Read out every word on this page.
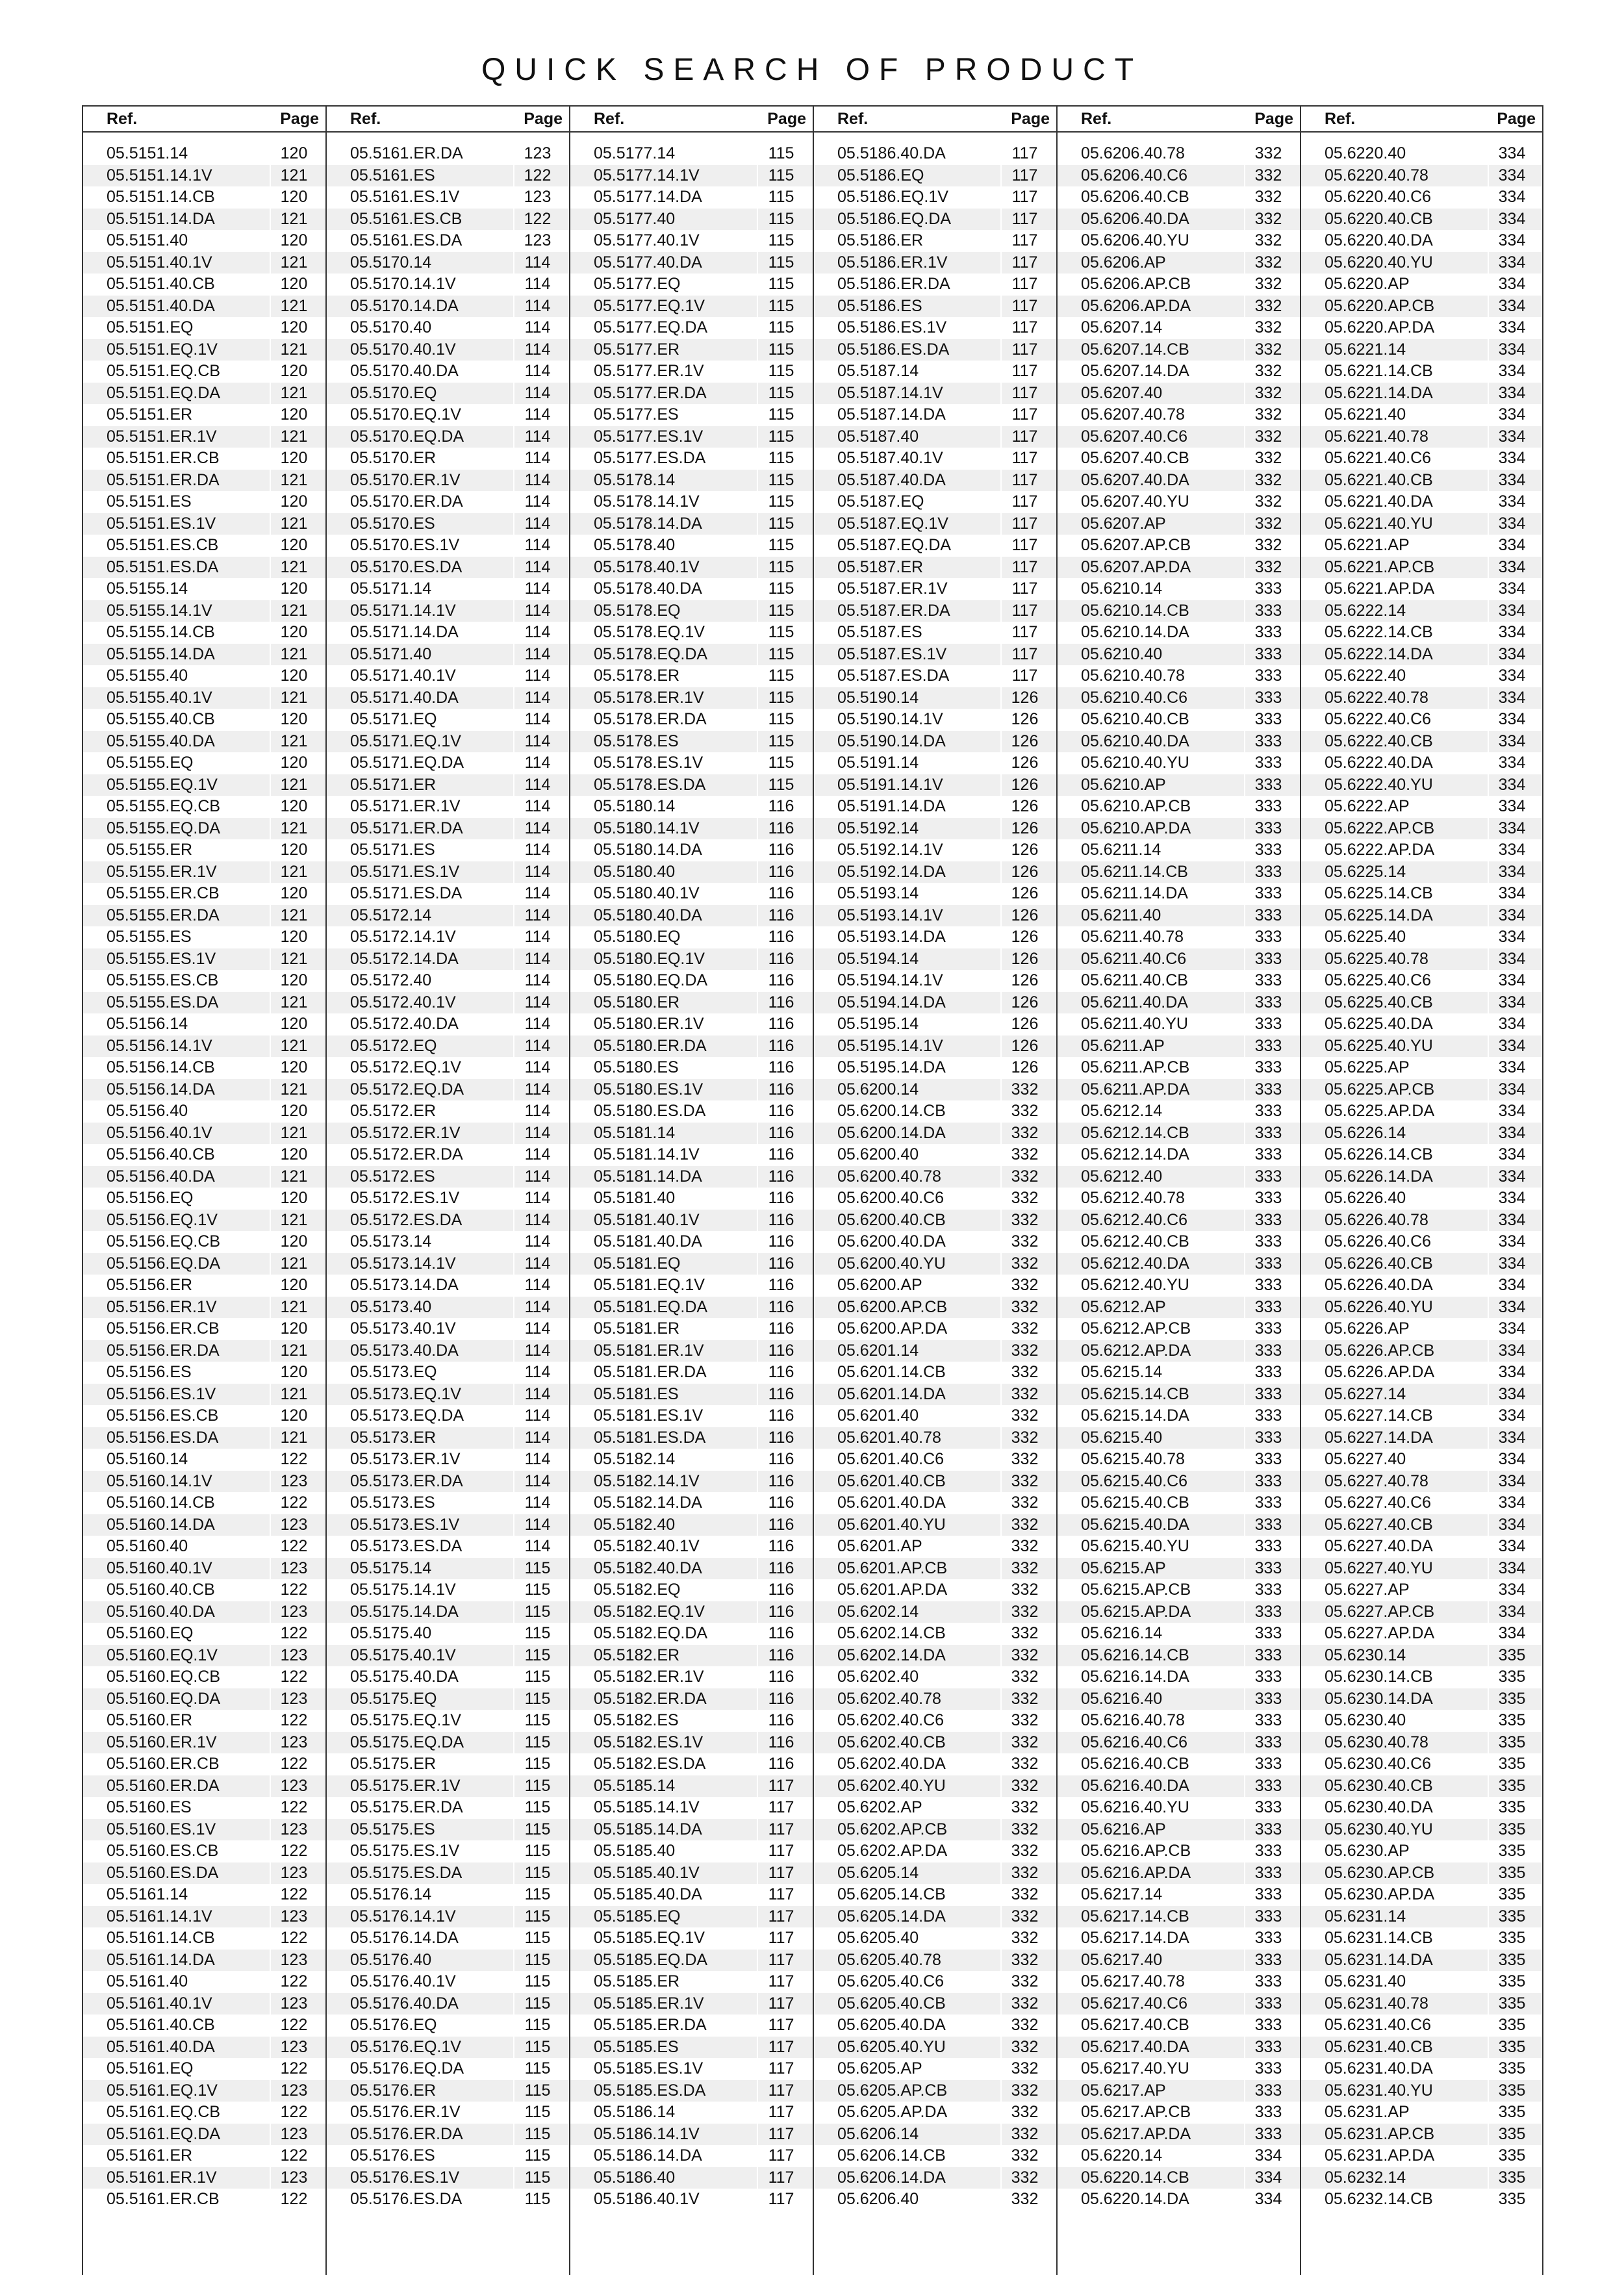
QUICK SEARCH OF PRODUCT
Ref.	Page
05.5151.14	120
05.5151.14.1V	121
05.5151.14.CB	120
05.5151.14.DA	121
05.5151.40	120
05.5151.40.1V	121
05.5151.40.CB	120
05.5151.40.DA	121
05.5151.EQ	120
05.5151.EQ.1V	121
05.5151.EQ.CB	120
05.5151.EQ.DA	121
05.5151.ER	120
05.5151.ER.1V	121
05.5151.ER.CB	120
05.5151.ER.DA	121
05.5151.ES	120
05.5151.ES.1V	121
05.5151.ES.CB	120
05.5151.ES.DA	121
05.5155.14	120
05.5155.14.1V	121
05.5155.14.CB	120
05.5155.14.DA	121
05.5155.40	120
05.5155.40.1V	121
05.5155.40.CB	120
05.5155.40.DA	121
05.5155.EQ	120
05.5155.EQ.1V	121
05.5155.EQ.CB	120
05.5155.EQ.DA	121
05.5155.ER	120
05.5155.ER.1V	121
05.5155.ER.CB	120
05.5155.ER.DA	121
05.5155.ES	120
05.5155.ES.1V	121
05.5155.ES.CB	120
05.5155.ES.DA	121
05.5156.14	120
05.5156.14.1V	121
05.5156.14.CB	120
05.5156.14.DA	121
05.5156.40	120
05.5156.40.1V	121
05.5156.40.CB	120
05.5156.40.DA	121
05.5156.EQ	120
05.5156.EQ.1V	121
05.5156.EQ.CB	120
05.5156.EQ.DA	121
05.5156.ER	120
05.5156.ER.1V	121
05.5156.ER.CB	120
05.5156.ER.DA	121
05.5156.ES	120
05.5156.ES.1V	121
05.5156.ES.CB	120
05.5156.ES.DA	121
05.5160.14	122
05.5160.14.1V	123
05.5160.14.CB	122
05.5160.14.DA	123
05.5160.40	122
05.5160.40.1V	123
05.5160.40.CB	122
05.5160.40.DA	123
05.5160.EQ	122
05.5160.EQ.1V	123
05.5160.EQ.CB	122
05.5160.EQ.DA	123
05.5160.ER	122
05.5160.ER.1V	123
05.5160.ER.CB	122
05.5160.ER.DA	123
05.5160.ES	122
05.5160.ES.1V	123
05.5160.ES.CB	122
05.5160.ES.DA	123
05.5161.14	122
05.5161.14.1V	123
05.5161.14.CB	122
05.5161.14.DA	123
05.5161.40	122
05.5161.40.1V	123
05.5161.40.CB	122
05.5161.40.DA	123
05.5161.EQ	122
05.5161.EQ.1V	123
05.5161.EQ.CB	122
05.5161.EQ.DA	123
05.5161.ER	122
05.5161.ER.1V	123
05.5161.ER.CB	122
Ref.	Page
05.5161.ER.DA	123
05.5161.ES	122
05.5161.ES.1V	123
05.5161.ES.CB	122
05.5161.ES.DA	123
05.5170.14	114
05.5170.14.1V	114
05.5170.14.DA	114
05.5170.40	114
05.5170.40.1V	114
05.5170.40.DA	114
05.5170.EQ	114
05.5170.EQ.1V	114
05.5170.EQ.DA	114
05.5170.ER	114
05.5170.ER.1V	114
05.5170.ER.DA	114
05.5170.ES	114
05.5170.ES.1V	114
05.5170.ES.DA	114
05.5171.14	114
05.5171.14.1V	114
05.5171.14.DA	114
05.5171.40	114
05.5171.40.1V	114
05.5171.40.DA	114
05.5171.EQ	114
05.5171.EQ.1V	114
05.5171.EQ.DA	114
05.5171.ER	114
05.5171.ER.1V	114
05.5171.ER.DA	114
05.5171.ES	114
05.5171.ES.1V	114
05.5171.ES.DA	114
05.5172.14	114
05.5172.14.1V	114
05.5172.14.DA	114
05.5172.40	114
05.5172.40.1V	114
05.5172.40.DA	114
05.5172.EQ	114
05.5172.EQ.1V	114
05.5172.EQ.DA	114
05.5172.ER	114
05.5172.ER.1V	114
05.5172.ER.DA	114
05.5172.ES	114
05.5172.ES.1V	114
05.5172.ES.DA	114
05.5173.14	114
05.5173.14.1V	114
05.5173.14.DA	114
05.5173.40	114
05.5173.40.1V	114
05.5173.40.DA	114
05.5173.EQ	114
05.5173.EQ.1V	114
05.5173.EQ.DA	114
05.5173.ER	114
05.5173.ER.1V	114
05.5173.ER.DA	114
05.5173.ES	114
05.5173.ES.1V	114
05.5173.ES.DA	114
05.5175.14	115
05.5175.14.1V	115
05.5175.14.DA	115
05.5175.40	115
05.5175.40.1V	115
05.5175.40.DA	115
05.5175.EQ	115
05.5175.EQ.1V	115
05.5175.EQ.DA	115
05.5175.ER	115
05.5175.ER.1V	115
05.5175.ER.DA	115
05.5175.ES	115
05.5175.ES.1V	115
05.5175.ES.DA	115
05.5176.14	115
05.5176.14.1V	115
05.5176.14.DA	115
05.5176.40	115
05.5176.40.1V	115
05.5176.40.DA	115
05.5176.EQ	115
05.5176.EQ.1V	115
05.5176.EQ.DA	115
05.5176.ER	115
05.5176.ER.1V	115
05.5176.ER.DA	115
05.5176.ES	115
05.5176.ES.1V	115
05.5176.ES.DA	115
Ref.	Page
05.5177.14	115
05.5177.14.1V	115
05.5177.14.DA	115
05.5177.40	115
05.5177.40.1V	115
05.5177.40.DA	115
05.5177.EQ	115
05.5177.EQ.1V	115
05.5177.EQ.DA	115
05.5177.ER	115
05.5177.ER.1V	115
05.5177.ER.DA	115
05.5177.ES	115
05.5177.ES.1V	115
05.5177.ES.DA	115
05.5178.14	115
05.5178.14.1V	115
05.5178.14.DA	115
05.5178.40	115
05.5178.40.1V	115
05.5178.40.DA	115
05.5178.EQ	115
05.5178.EQ.1V	115
05.5178.EQ.DA	115
05.5178.ER	115
05.5178.ER.1V	115
05.5178.ER.DA	115
05.5178.ES	115
05.5178.ES.1V	115
05.5178.ES.DA	115
05.5180.14	116
05.5180.14.1V	116
05.5180.14.DA	116
05.5180.40	116
05.5180.40.1V	116
05.5180.40.DA	116
05.5180.EQ	116
05.5180.EQ.1V	116
05.5180.EQ.DA	116
05.5180.ER	116
05.5180.ER.1V	116
05.5180.ER.DA	116
05.5180.ES	116
05.5180.ES.1V	116
05.5180.ES.DA	116
05.5181.14	116
05.5181.14.1V	116
05.5181.14.DA	116
05.5181.40	116
05.5181.40.1V	116
05.5181.40.DA	116
05.5181.EQ	116
05.5181.EQ.1V	116
05.5181.EQ.DA	116
05.5181.ER	116
05.5181.ER.1V	116
05.5181.ER.DA	116
05.5181.ES	116
05.5181.ES.1V	116
05.5181.ES.DA	116
05.5182.14	116
05.5182.14.1V	116
05.5182.14.DA	116
05.5182.40	116
05.5182.40.1V	116
05.5182.40.DA	116
05.5182.EQ	116
05.5182.EQ.1V	116
05.5182.EQ.DA	116
05.5182.ER	116
05.5182.ER.1V	116
05.5182.ER.DA	116
05.5182.ES	116
05.5182.ES.1V	116
05.5182.ES.DA	116
05.5185.14	117
05.5185.14.1V	117
05.5185.14.DA	117
05.5185.40	117
05.5185.40.1V	117
05.5185.40.DA	117
05.5185.EQ	117
05.5185.EQ.1V	117
05.5185.EQ.DA	117
05.5185.ER	117
05.5185.ER.1V	117
05.5185.ER.DA	117
05.5185.ES	117
05.5185.ES.1V	117
05.5185.ES.DA	117
05.5186.14	117
05.5186.14.1V	117
05.5186.14.DA	117
05.5186.40	117
05.5186.40.1V	117
Ref.	Page
05.5186.40.DA	117
05.5186.EQ	117
05.5186.EQ.1V	117
05.5186.EQ.DA	117
05.5186.ER	117
05.5186.ER.1V	117
05.5186.ER.DA	117
05.5186.ES	117
05.5186.ES.1V	117
05.5186.ES.DA	117
05.5187.14	117
05.5187.14.1V	117
05.5187.14.DA	117
05.5187.40	117
05.5187.40.1V	117
05.5187.40.DA	117
05.5187.EQ	117
05.5187.EQ.1V	117
05.5187.EQ.DA	117
05.5187.ER	117
05.5187.ER.1V	117
05.5187.ER.DA	117
05.5187.ES	117
05.5187.ES.1V	117
05.5187.ES.DA	117
05.5190.14	126
05.5190.14.1V	126
05.5190.14.DA	126
05.5191.14	126
05.5191.14.1V	126
05.5191.14.DA	126
05.5192.14	126
05.5192.14.1V	126
05.5192.14.DA	126
05.5193.14	126
05.5193.14.1V	126
05.5193.14.DA	126
05.5194.14	126
05.5194.14.1V	126
05.5194.14.DA	126
05.5195.14	126
05.5195.14.1V	126
05.5195.14.DA	126
05.6200.14	332
05.6200.14.CB	332
05.6200.14.DA	332
05.6200.40	332
05.6200.40.78	332
05.6200.40.C6	332
05.6200.40.CB	332
05.6200.40.DA	332
05.6200.40.YU	332
05.6200.AP	332
05.6200.AP.CB	332
05.6200.AP.DA	332
05.6201.14	332
05.6201.14.CB	332
05.6201.14.DA	332
05.6201.40	332
05.6201.40.78	332
05.6201.40.C6	332
05.6201.40.CB	332
05.6201.40.DA	332
05.6201.40.YU	332
05.6201.AP	332
05.6201.AP.CB	332
05.6201.AP.DA	332
05.6202.14	332
05.6202.14.CB	332
05.6202.14.DA	332
05.6202.40	332
05.6202.40.78	332
05.6202.40.C6	332
05.6202.40.CB	332
05.6202.40.DA	332
05.6202.40.YU	332
05.6202.AP	332
05.6202.AP.CB	332
05.6202.AP.DA	332
05.6205.14	332
05.6205.14.CB	332
05.6205.14.DA	332
05.6205.40	332
05.6205.40.78	332
05.6205.40.C6	332
05.6205.40.CB	332
05.6205.40.DA	332
05.6205.40.YU	332
05.6205.AP	332
05.6205.AP.CB	332
05.6205.AP.DA	332
05.6206.14	332
05.6206.14.CB	332
05.6206.14.DA	332
05.6206.40	332
Ref.	Page
05.6206.40.78	332
05.6206.40.C6	332
05.6206.40.CB	332
05.6206.40.DA	332
05.6206.40.YU	332
05.6206.AP	332
05.6206.AP.CB	332
05.6206.AP.DA	332
05.6207.14	332
05.6207.14.CB	332
05.6207.14.DA	332
05.6207.40	332
05.6207.40.78	332
05.6207.40.C6	332
05.6207.40.CB	332
05.6207.40.DA	332
05.6207.40.YU	332
05.6207.AP	332
05.6207.AP.CB	332
05.6207.AP.DA	332
05.6210.14	333
05.6210.14.CB	333
05.6210.14.DA	333
05.6210.40	333
05.6210.40.78	333
05.6210.40.C6	333
05.6210.40.CB	333
05.6210.40.DA	333
05.6210.40.YU	333
05.6210.AP	333
05.6210.AP.CB	333
05.6210.AP.DA	333
05.6211.14	333
05.6211.14.CB	333
05.6211.14.DA	333
05.6211.40	333
05.6211.40.78	333
05.6211.40.C6	333
05.6211.40.CB	333
05.6211.40.DA	333
05.6211.40.YU	333
05.6211.AP	333
05.6211.AP.CB	333
05.6211.AP.DA	333
05.6212.14	333
05.6212.14.CB	333
05.6212.14.DA	333
05.6212.40	333
05.6212.40.78	333
05.6212.40.C6	333
05.6212.40.CB	333
05.6212.40.DA	333
05.6212.40.YU	333
05.6212.AP	333
05.6212.AP.CB	333
05.6212.AP.DA	333
05.6215.14	333
05.6215.14.CB	333
05.6215.14.DA	333
05.6215.40	333
05.6215.40.78	333
05.6215.40.C6	333
05.6215.40.CB	333
05.6215.40.DA	333
05.6215.40.YU	333
05.6215.AP	333
05.6215.AP.CB	333
05.6215.AP.DA	333
05.6216.14	333
05.6216.14.CB	333
05.6216.14.DA	333
05.6216.40	333
05.6216.40.78	333
05.6216.40.C6	333
05.6216.40.CB	333
05.6216.40.DA	333
05.6216.40.YU	333
05.6216.AP	333
05.6216.AP.CB	333
05.6216.AP.DA	333
05.6217.14	333
05.6217.14.CB	333
05.6217.14.DA	333
05.6217.40	333
05.6217.40.78	333
05.6217.40.C6	333
05.6217.40.CB	333
05.6217.40.DA	333
05.6217.40.YU	333
05.6217.AP	333
05.6217.AP.CB	333
05.6217.AP.DA	333
05.6220.14	334
05.6220.14.CB	334
05.6220.14.DA	334
Ref.	Page
05.6220.40	334
05.6220.40.78	334
05.6220.40.C6	334
05.6220.40.CB	334
05.6220.40.DA	334
05.6220.40.YU	334
05.6220.AP	334
05.6220.AP.CB	334
05.6220.AP.DA	334
05.6221.14	334
05.6221.14.CB	334
05.6221.14.DA	334
05.6221.40	334
05.6221.40.78	334
05.6221.40.C6	334
05.6221.40.CB	334
05.6221.40.DA	334
05.6221.40.YU	334
05.6221.AP	334
05.6221.AP.CB	334
05.6221.AP.DA	334
05.6222.14	334
05.6222.14.CB	334
05.6222.14.DA	334
05.6222.40	334
05.6222.40.78	334
05.6222.40.C6	334
05.6222.40.CB	334
05.6222.40.DA	334
05.6222.40.YU	334
05.6222.AP	334
05.6222.AP.CB	334
05.6222.AP.DA	334
05.6225.14	334
05.6225.14.CB	334
05.6225.14.DA	334
05.6225.40	334
05.6225.40.78	334
05.6225.40.C6	334
05.6225.40.CB	334
05.6225.40.DA	334
05.6225.40.YU	334
05.6225.AP	334
05.6225.AP.CB	334
05.6225.AP.DA	334
05.6226.14	334
05.6226.14.CB	334
05.6226.14.DA	334
05.6226.40	334
05.6226.40.78	334
05.6226.40.C6	334
05.6226.40.CB	334
05.6226.40.DA	334
05.6226.40.YU	334
05.6226.AP	334
05.6226.AP.CB	334
05.6226.AP.DA	334
05.6227.14	334
05.6227.14.CB	334
05.6227.14.DA	334
05.6227.40	334
05.6227.40.78	334
05.6227.40.C6	334
05.6227.40.CB	334
05.6227.40.DA	334
05.6227.40.YU	334
05.6227.AP	334
05.6227.AP.CB	334
05.6227.AP.DA	334
05.6230.14	335
05.6230.14.CB	335
05.6230.14.DA	335
05.6230.40	335
05.6230.40.78	335
05.6230.40.C6	335
05.6230.40.CB	335
05.6230.40.DA	335
05.6230.40.YU	335
05.6230.AP	335
05.6230.AP.CB	335
05.6230.AP.DA	335
05.6231.14	335
05.6231.14.CB	335
05.6231.14.DA	335
05.6231.40	335
05.6231.40.78	335
05.6231.40.C6	335
05.6231.40.CB	335
05.6231.40.DA	335
05.6231.40.YU	335
05.6231.AP	335
05.6231.AP.CB	335
05.6231.AP.DA	335
05.6232.14	335
05.6232.14.CB	335
